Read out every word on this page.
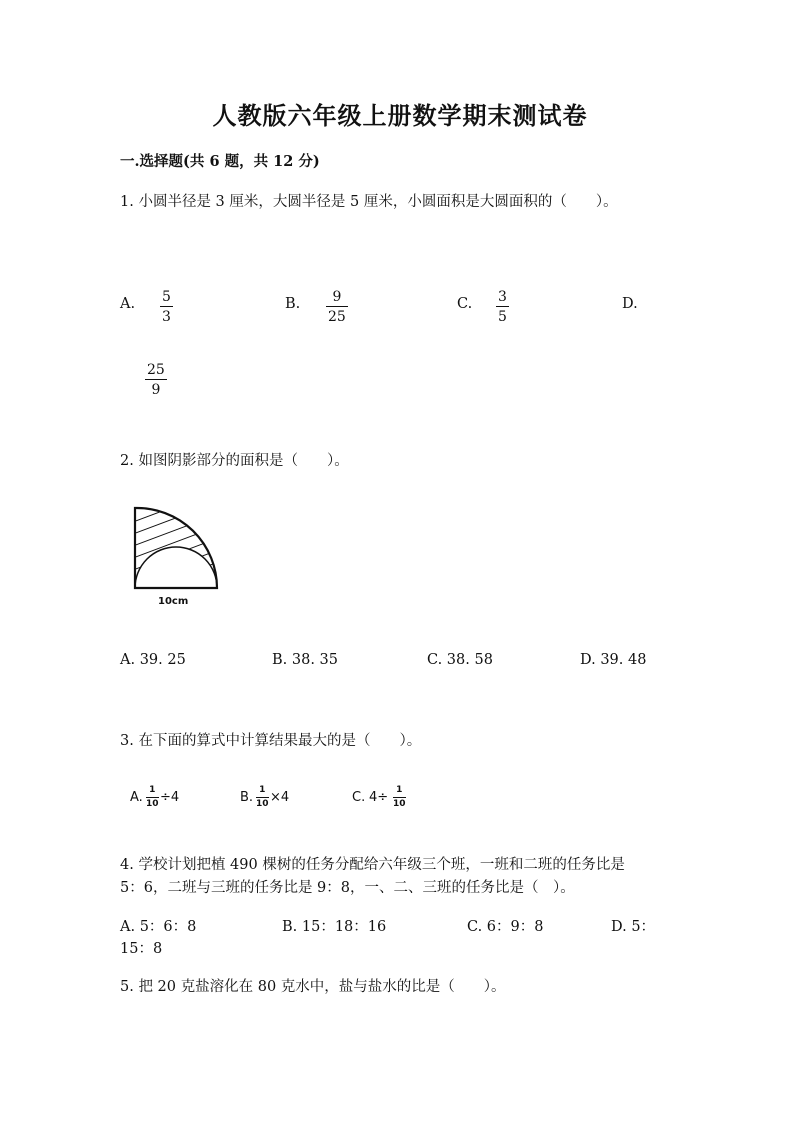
人教版六年级上册数学期末测试卷
一.选择题(共 6 题，共 12 分)
1. 小圆半径是 3 厘米，大圆半径是 5 厘米，小圆面积是大圆面积的（　　）。
A. 5
3
B. 9
25
C. 3
5
D.
25
9
2. 如图阴影部分的面积是（　　）。
10cm
A. 39. 25	B. 38. 35	C. 38. 58	D. 39. 48
3. 在下面的算式中计算结果最大的是（　　）。
A. 1
10 ÷4	B. 1
10 ×4	C. 4÷ 1
10
4. 学校计划把植 490 棵树的任务分配给六年级三个班，一班和二班的任务比是
5：6，二班与三班的任务比是 9：8，一、二、三班的任务比是（　）。
A. 5：6：8	B. 15：18：16	C. 6：9：8	D. 5：
15：8
5. 把 20 克盐溶化在 80 克水中，盐与盐水的比是（　　）。
